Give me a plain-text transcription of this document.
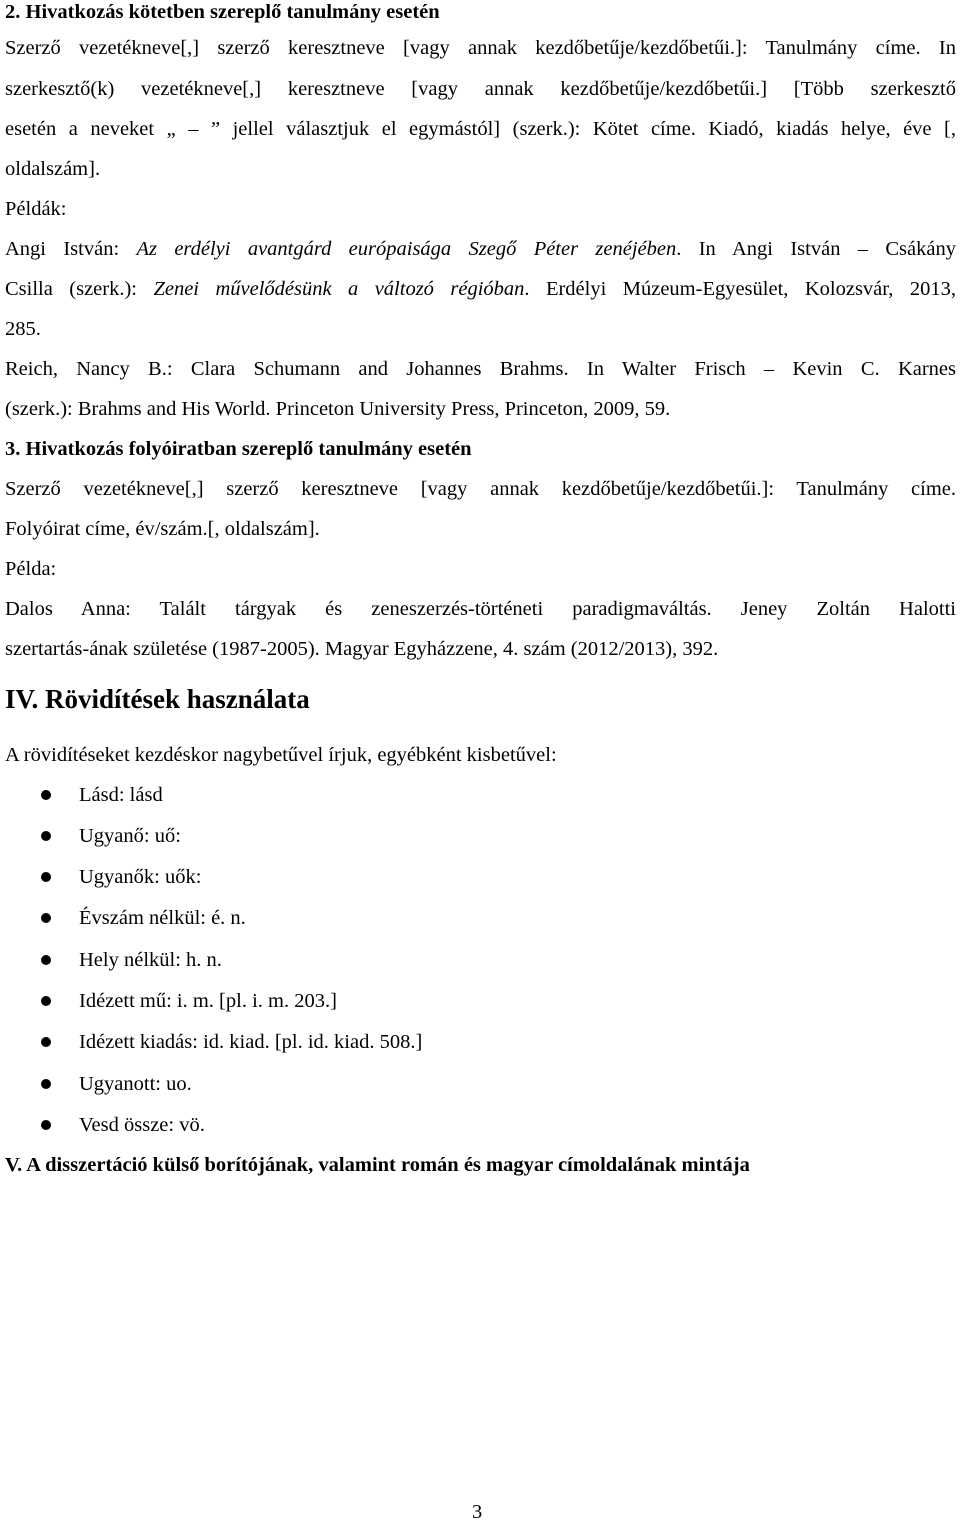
2. Hivatkozás kötetben szereplő tanulmány esetén
Szerző vezetékneve[,] szerző keresztneve [vagy annak kezdőbetűje/kezdőbetűi.]: Tanulmány címe. In
szerkesztő(k) vezetékneve[,] keresztneve [vagy annak kezdőbetűje/kezdőbetűi.] [Több szerkesztő
esetén a neveket „ – ” jellel választjuk el egymástól] (szerk.): Kötet címe. Kiadó, kiadás helye, éve [,
oldalszám].
Példák:
Angi István: Az erdélyi avantgárd európaisága Szegő Péter zenéjében. In Angi István – Csákány
Csilla (szerk.): Zenei művelődésünk a változó régióban. Erdélyi Múzeum-Egyesület, Kolozsvár, 2013,
285.
Reich, Nancy B.: Clara Schumann and Johannes Brahms. In Walter Frisch – Kevin C. Karnes
(szerk.): Brahms and His World. Princeton University Press, Princeton, 2009, 59.
3. Hivatkozás folyóiratban szereplő tanulmány esetén
Szerző vezetékneve[,] szerző keresztneve [vagy annak kezdőbetűje/kezdőbetűi.]: Tanulmány címe.
Folyóirat címe, év/szám.[, oldalszám].
Példa:
Dalos Anna: Talált tárgyak és zeneszerzés-történeti paradigmaváltás. Jeney Zoltán Halotti
szertartás-ának születése (1987-2005). Magyar Egyházzene, 4. szám (2012/2013), 392.
IV. Rövidítések használata
A rövidítéseket kezdéskor nagybetűvel írjuk, egyébként kisbetűvel:
Lásd: lásd
Ugyanő: uő:
Ugyanők: uők:
Évszám nélkül: é. n.
Hely nélkül: h. n.
Idézett mű: i. m. [pl. i. m. 203.]
Idézett kiadás: id. kiad. [pl. id. kiad. 508.]
Ugyanott: uo.
Vesd össze: vö.
V. A disszertáció külső borítójának, valamint román és magyar címoldalának mintája
3
